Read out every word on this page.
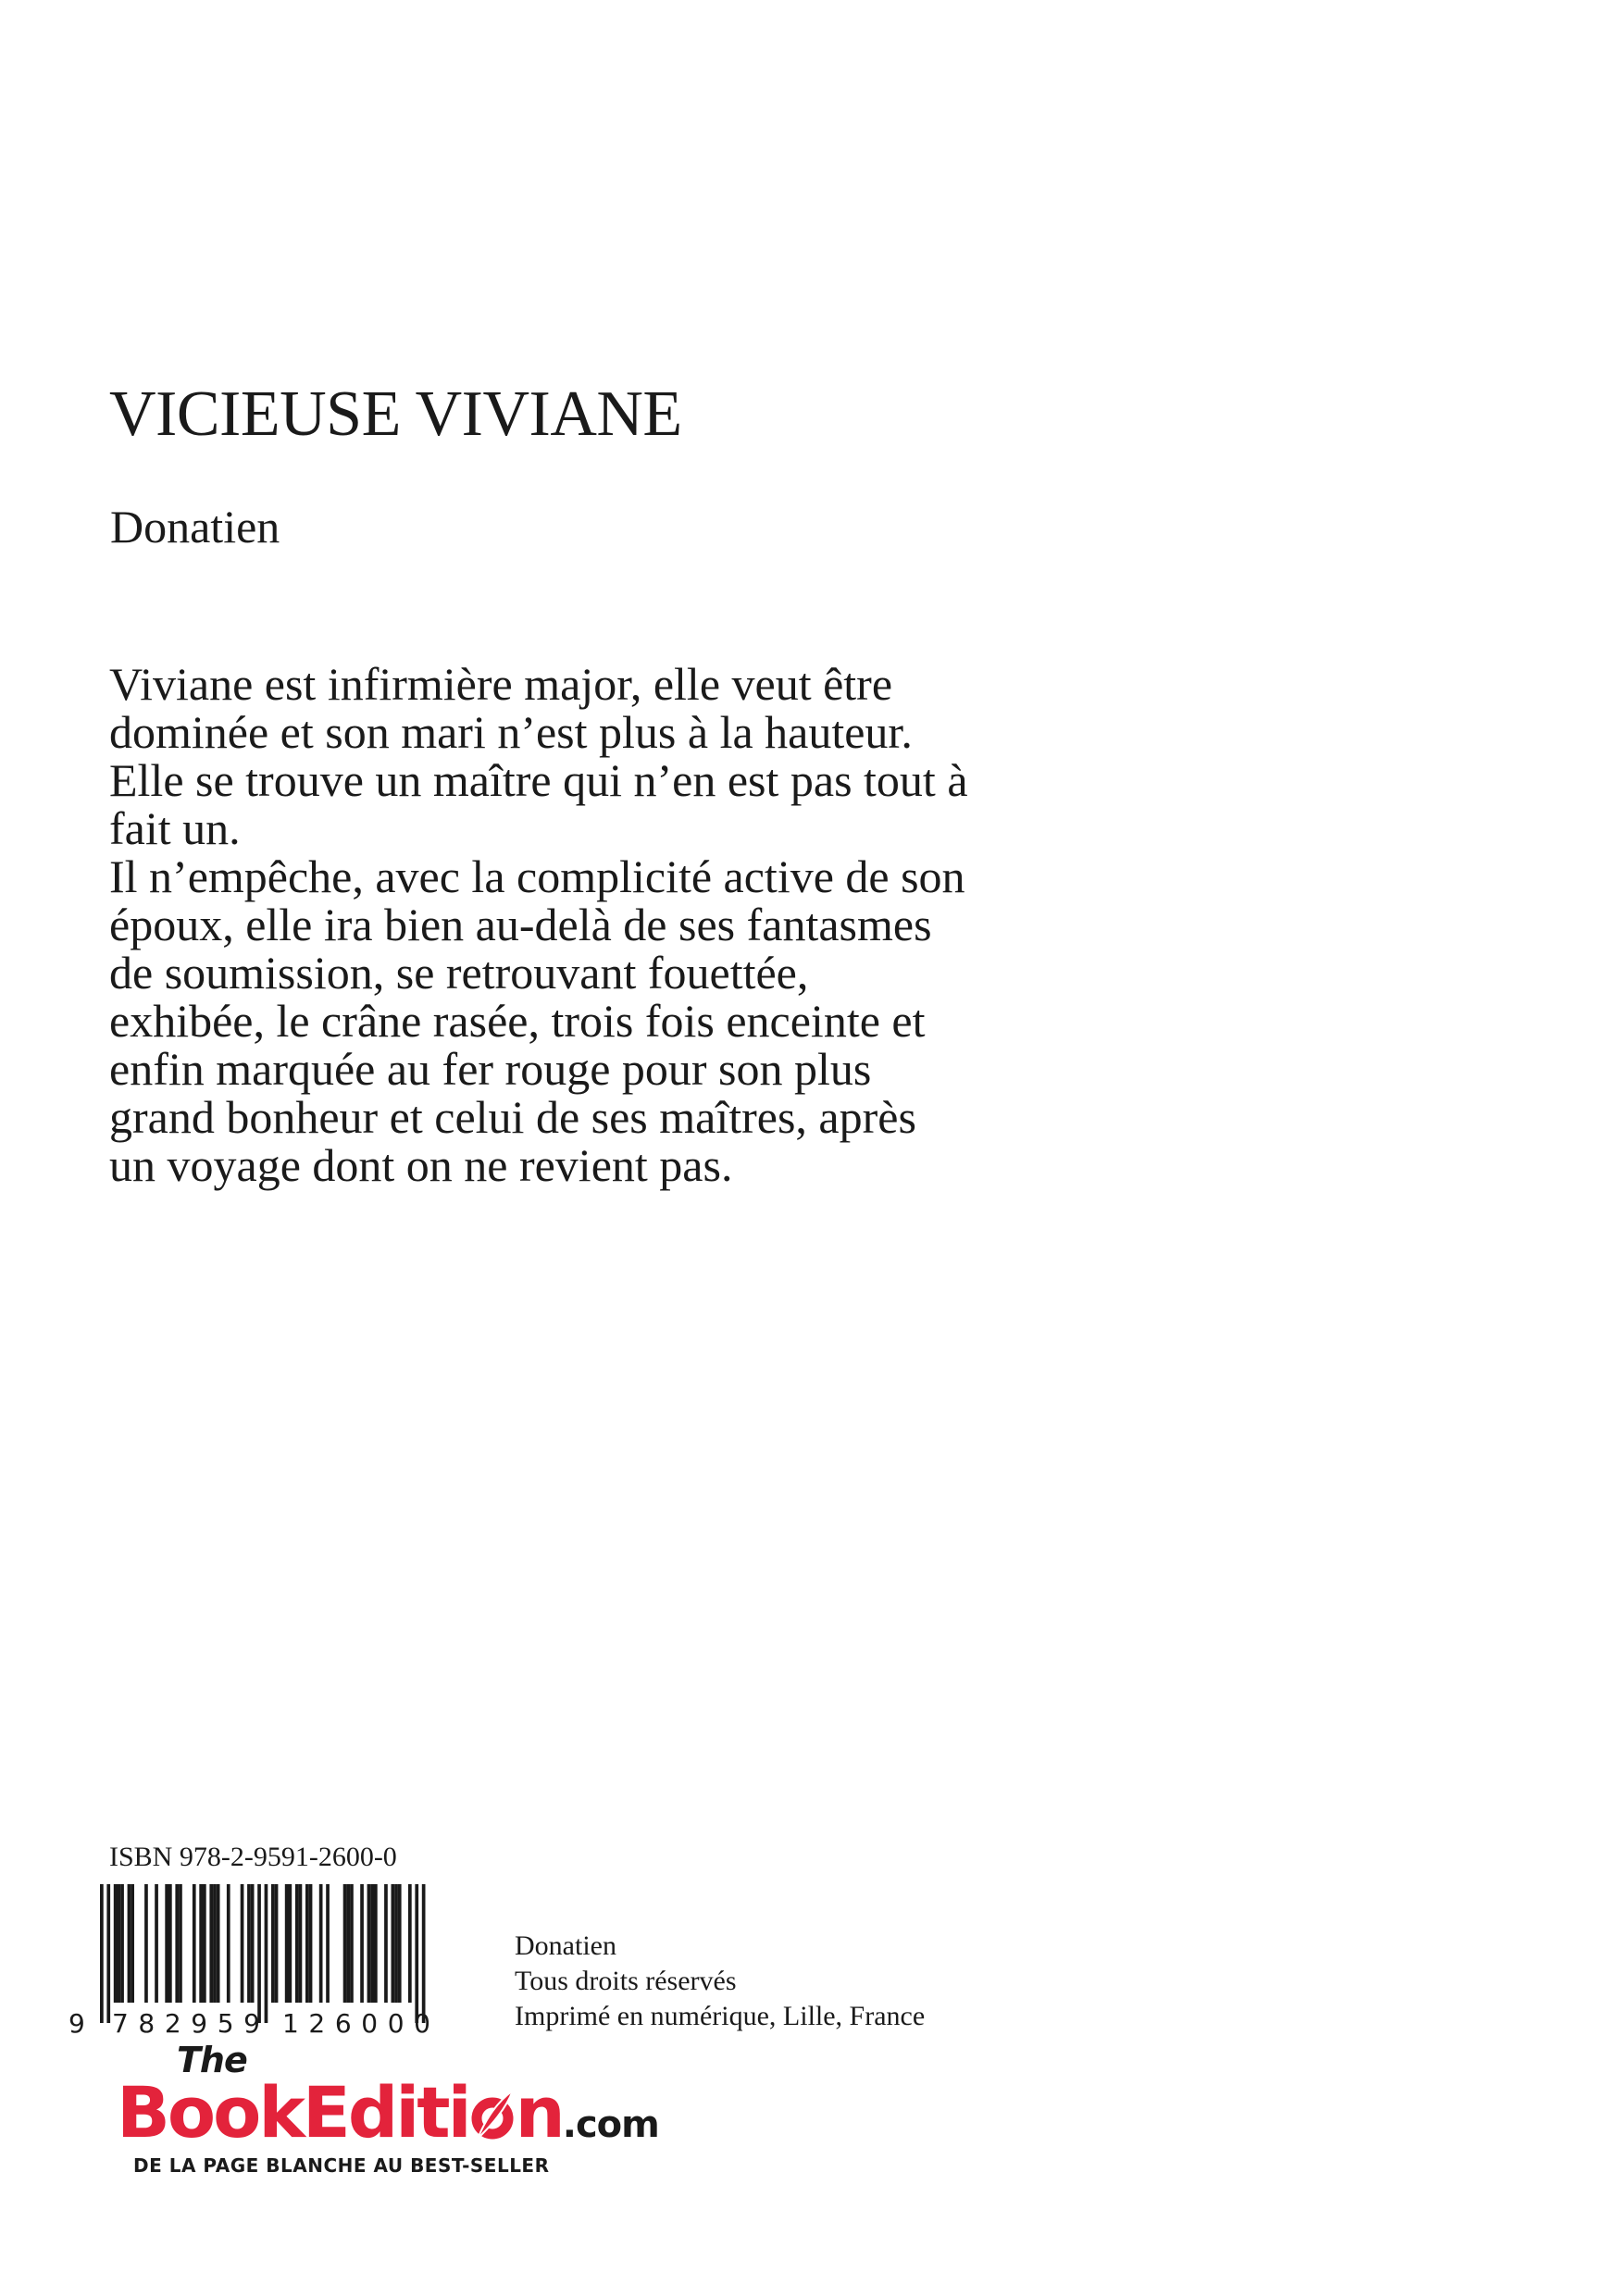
VICIEUSE VIVIANE
Donatien
Viviane est infirmière major, elle veut être
dominée et son mari n’est plus à la hauteur.
Elle se trouve un maître qui n’en est pas tout à
fait un.
Il n’empêche, avec la complicité active de son
époux, elle ira bien au-delà de ses fantasmes
de soumission, se retrouvant fouettée,
exhibée, le crâne rasée, trois fois enceinte et
enfin marquée au fer rouge pour son plus
grand bonheur et celui de ses maîtres, après
un voyage dont on ne revient pas.
ISBN 978-2-9591-2600-0
9 782959 126000
Donatien
Tous droits réservés
Imprimé en numérique, Lille, France
The
BookEditi n.com
DE LA PAGE BLANCHE AU BEST-SELLER
